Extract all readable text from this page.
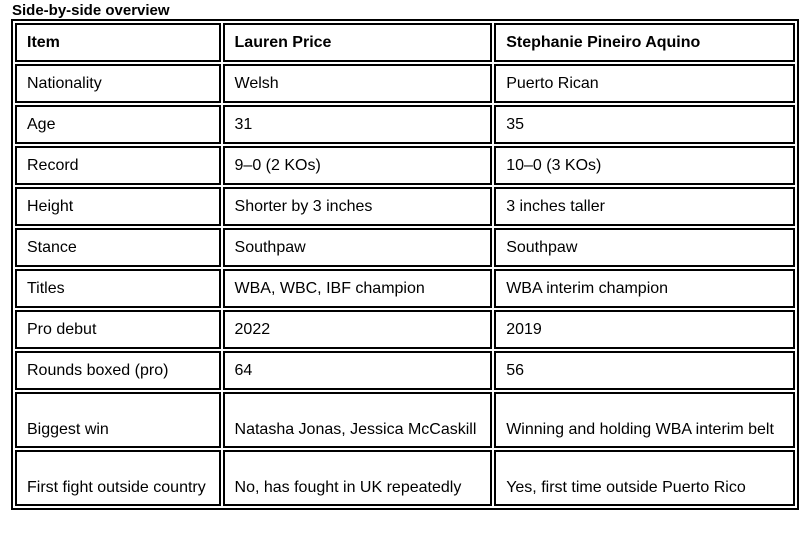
Side-by-side overview
Item	Lauren Price	Stephanie Pineiro Aquino
Nationality	Welsh	Puerto Rican
Age	31	35
Record	9–0 (2 KOs)	10–0 (3 KOs)
Height	Shorter by 3 inches	3 inches taller
Stance	Southpaw	Southpaw
Titles	WBA, WBC, IBF champion	WBA interim champion
Pro debut	2022	2019
Rounds boxed (pro)	64	56
Biggest win	Natasha Jonas, Jessica McCaskill	Winning and holding WBA interim belt
First fight outside country	No, has fought in UK repeatedly	Yes, first time outside Puerto Rico
